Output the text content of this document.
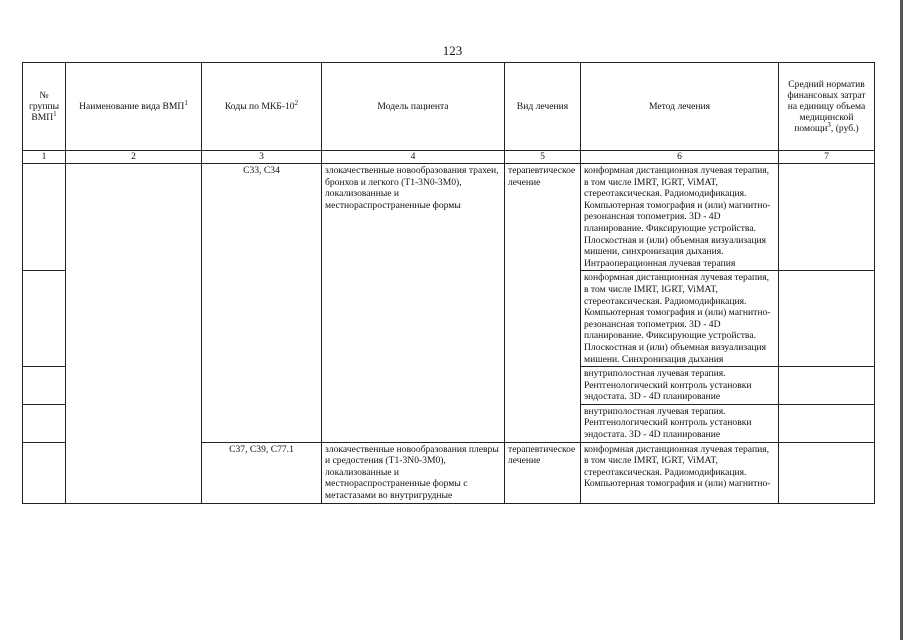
123
№ группы ВМП$^1$	Наименование вида ВМП$^1$	Коды по МКБ-$10^2$	Модель пациента	Вид лечения	Метод лечения	Средний норматив финансовых затрат на единицу объема медицинской помощи$^3$, (руб.)
1	2	3	4	5	6	7
		С33, С34	злокачественные новообразования трахеи, бронхов и легкого (Т1-3N0-3M0), локализованные и местнораспространенные формы	терапевтическое лечение	конформная дистанционная лучевая терапия, в том числе IMRT, IGRT, ViMAT, стереотаксическая. Радиомодификация. Компьютерная томография и (или) магнитно-резонансная топометрия. 3D - 4D планирование. Фиксирующие устройства. Плоскостная и (или) объемная визуализация мишени, синхронизация дыхания. Интраоперационная лучевая терапия	
					конформная дистанционная лучевая терапия, в том числе IMRT, IGRT, ViMAT, стереотаксическая. Радиомодификация. Компьютерная томография и (или) магнитно-резонансная топометрия. 3D - 4D планирование. Фиксирующие устройства. Плоскостная и (или) объемная визуализация мишени. Синхронизация дыхания	
					внутриполостная лучевая терапия. Рентгенологический контроль установки эндостата. 3D - 4D планирование	
					внутриполостная лучевая терапия. Рентгенологический контроль установки эндостата. 3D - 4D планирование	
		С37, С39, С77.1	злокачественные новообразования плевры и средостения (Т1-3N0-3M0), локализованные и местнораспространенные формы с метастазами во внутригрудные	терапевтическое лечение	конформная дистанционная лучевая терапия, в том числе IMRT, IGRT, ViMAT, стереотаксическая. Радиомодификация. Компьютерная томография и (или) магнитно-	
